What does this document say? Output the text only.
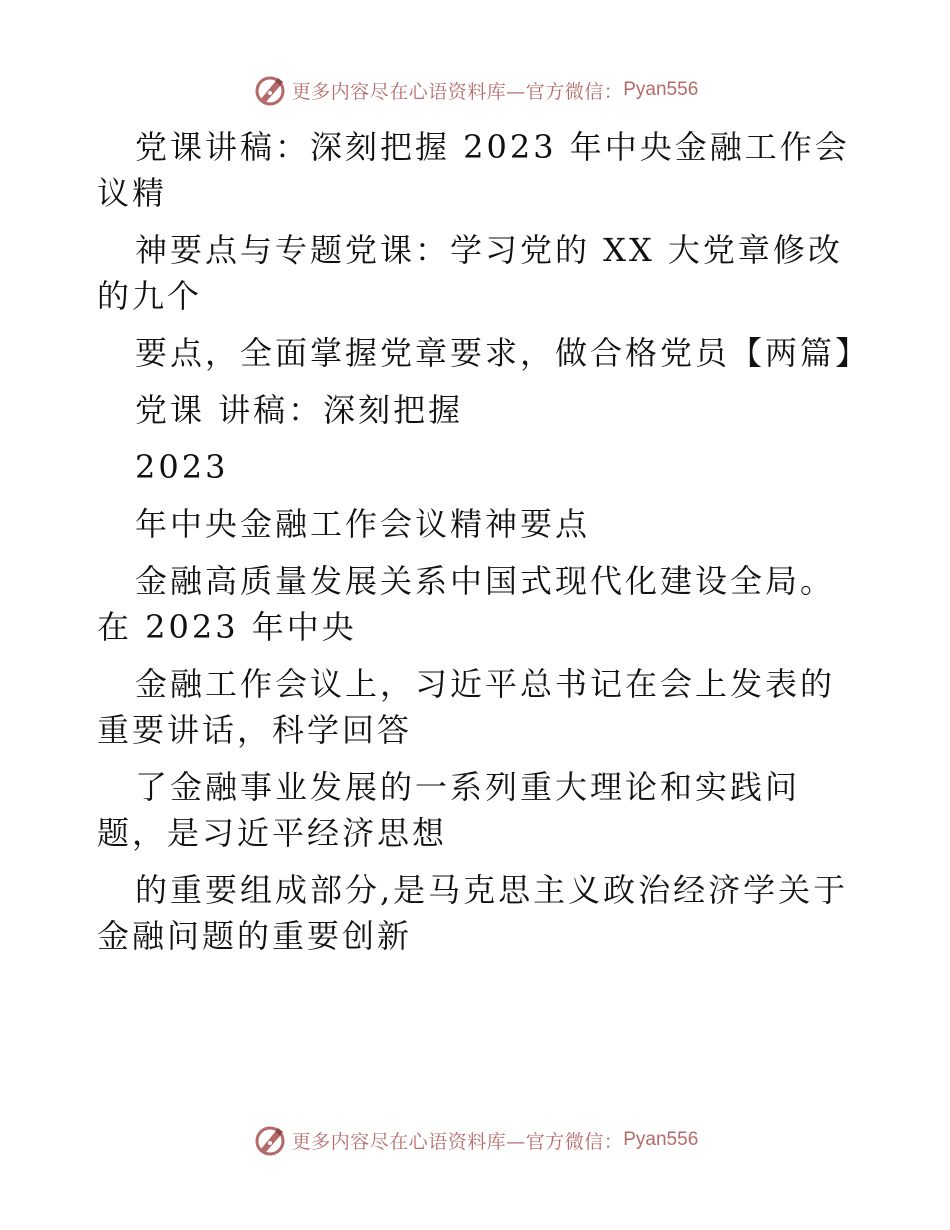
更多内容尽在心语资料库—官方微信： Pyan556

党课讲稿：深刻把握 2023 年中央金融工作会议精

神要点与专题党课：学习党的 XX 大党章修改的九个

要点，全面掌握党章要求，做合格党员【两篇】

党课 讲稿：深刻把握

2023

年中央金融工作会议精神要点

金融高质量发展关系中国式现代化建设全局。在 2023 年中央

金融工作会议上，习近平总书记在会上发表的重要讲话，科学回答

了金融事业发展的一系列重大理论和实践问题，是习近平经济思想

的重要组成部分,是马克思主义政治经济学关于金融问题的重要创新

更多内容尽在心语资料库—官方微信： Pyan556
